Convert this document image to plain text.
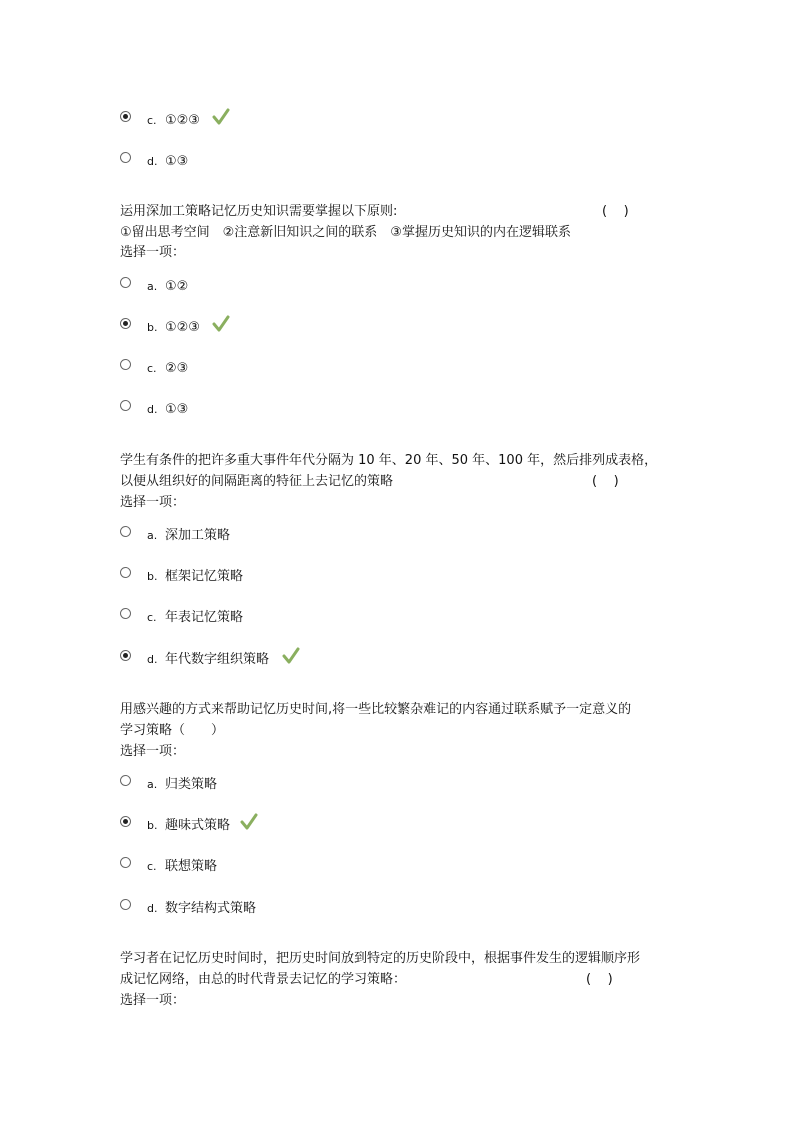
c. ①②③
d. ①③
运用深加工策略记忆历史知识需要掌握以下原则:	(    )
①留出思考空间　②注意新旧知识之间的联系　③掌握历史知识的内在逻辑联系
选择一项：
a. ①②
b. ①②③
c. ②③
d. ①③
学生有条件的把许多重大事件年代分隔为 10 年、20 年、50 年、100 年，然后排列成表格，
以便从组织好的间隔距离的特征上去记忆的策略	(    )
选择一项：
a. 深加工策略
b. 框架记忆策略
c. 年表记忆策略
d. 年代数字组织策略
用感兴趣的方式来帮助记忆历史时间,将一些比较繁杂难记的内容通过联系赋予一定意义的
学习策略（　　）
选择一项：
a. 归类策略
b. 趣味式策略
c. 联想策略
d. 数字结构式策略
学习者在记忆历史时间时，把历史时间放到特定的历史阶段中，根据事件发生的逻辑顺序形
成记忆网络，由总的时代背景去记忆的学习策略：	(    )
选择一项：
